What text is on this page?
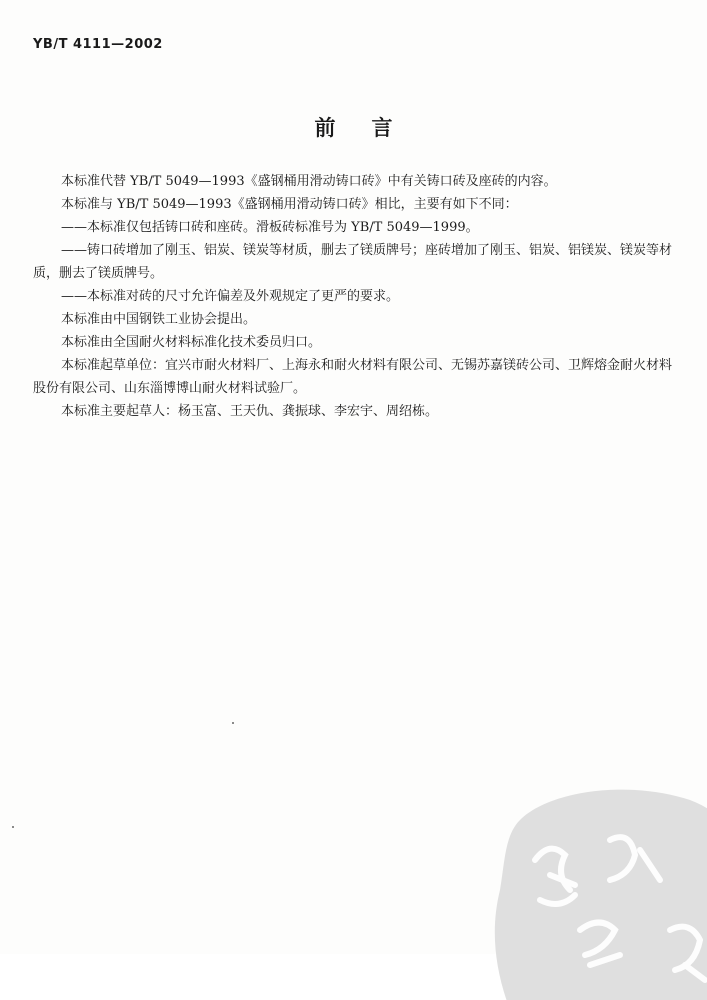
YB/T 4111—2002
前言

本标准代替 YB/T 5049—1993《盛钢桶用滑动铸口砖》中有关铸口砖及座砖的内容。

本标准与 YB/T 5049—1993《盛钢桶用滑动铸口砖》相比，主要有如下不同：

——本标准仅包括铸口砖和座砖。滑板砖标准号为 YB/T 5049—1999。

——铸口砖增加了刚玉、铝炭、镁炭等材质，删去了镁质牌号；座砖增加了刚玉、铝炭、铝镁炭、镁炭等材质，删去了镁质牌号。

——本标准对砖的尺寸允许偏差及外观规定了更严的要求。

本标准由中国钢铁工业协会提出。

本标准由全国耐火材料标准化技术委员归口。

本标准起草单位：宜兴市耐火材料厂、上海永和耐火材料有限公司、无锡苏嘉镁砖公司、卫辉熔金耐火材料股份有限公司、山东淄博博山耐火材料试验厂。

本标准主要起草人：杨玉富、王天仇、龚振球、李宏宇、周绍栋。
